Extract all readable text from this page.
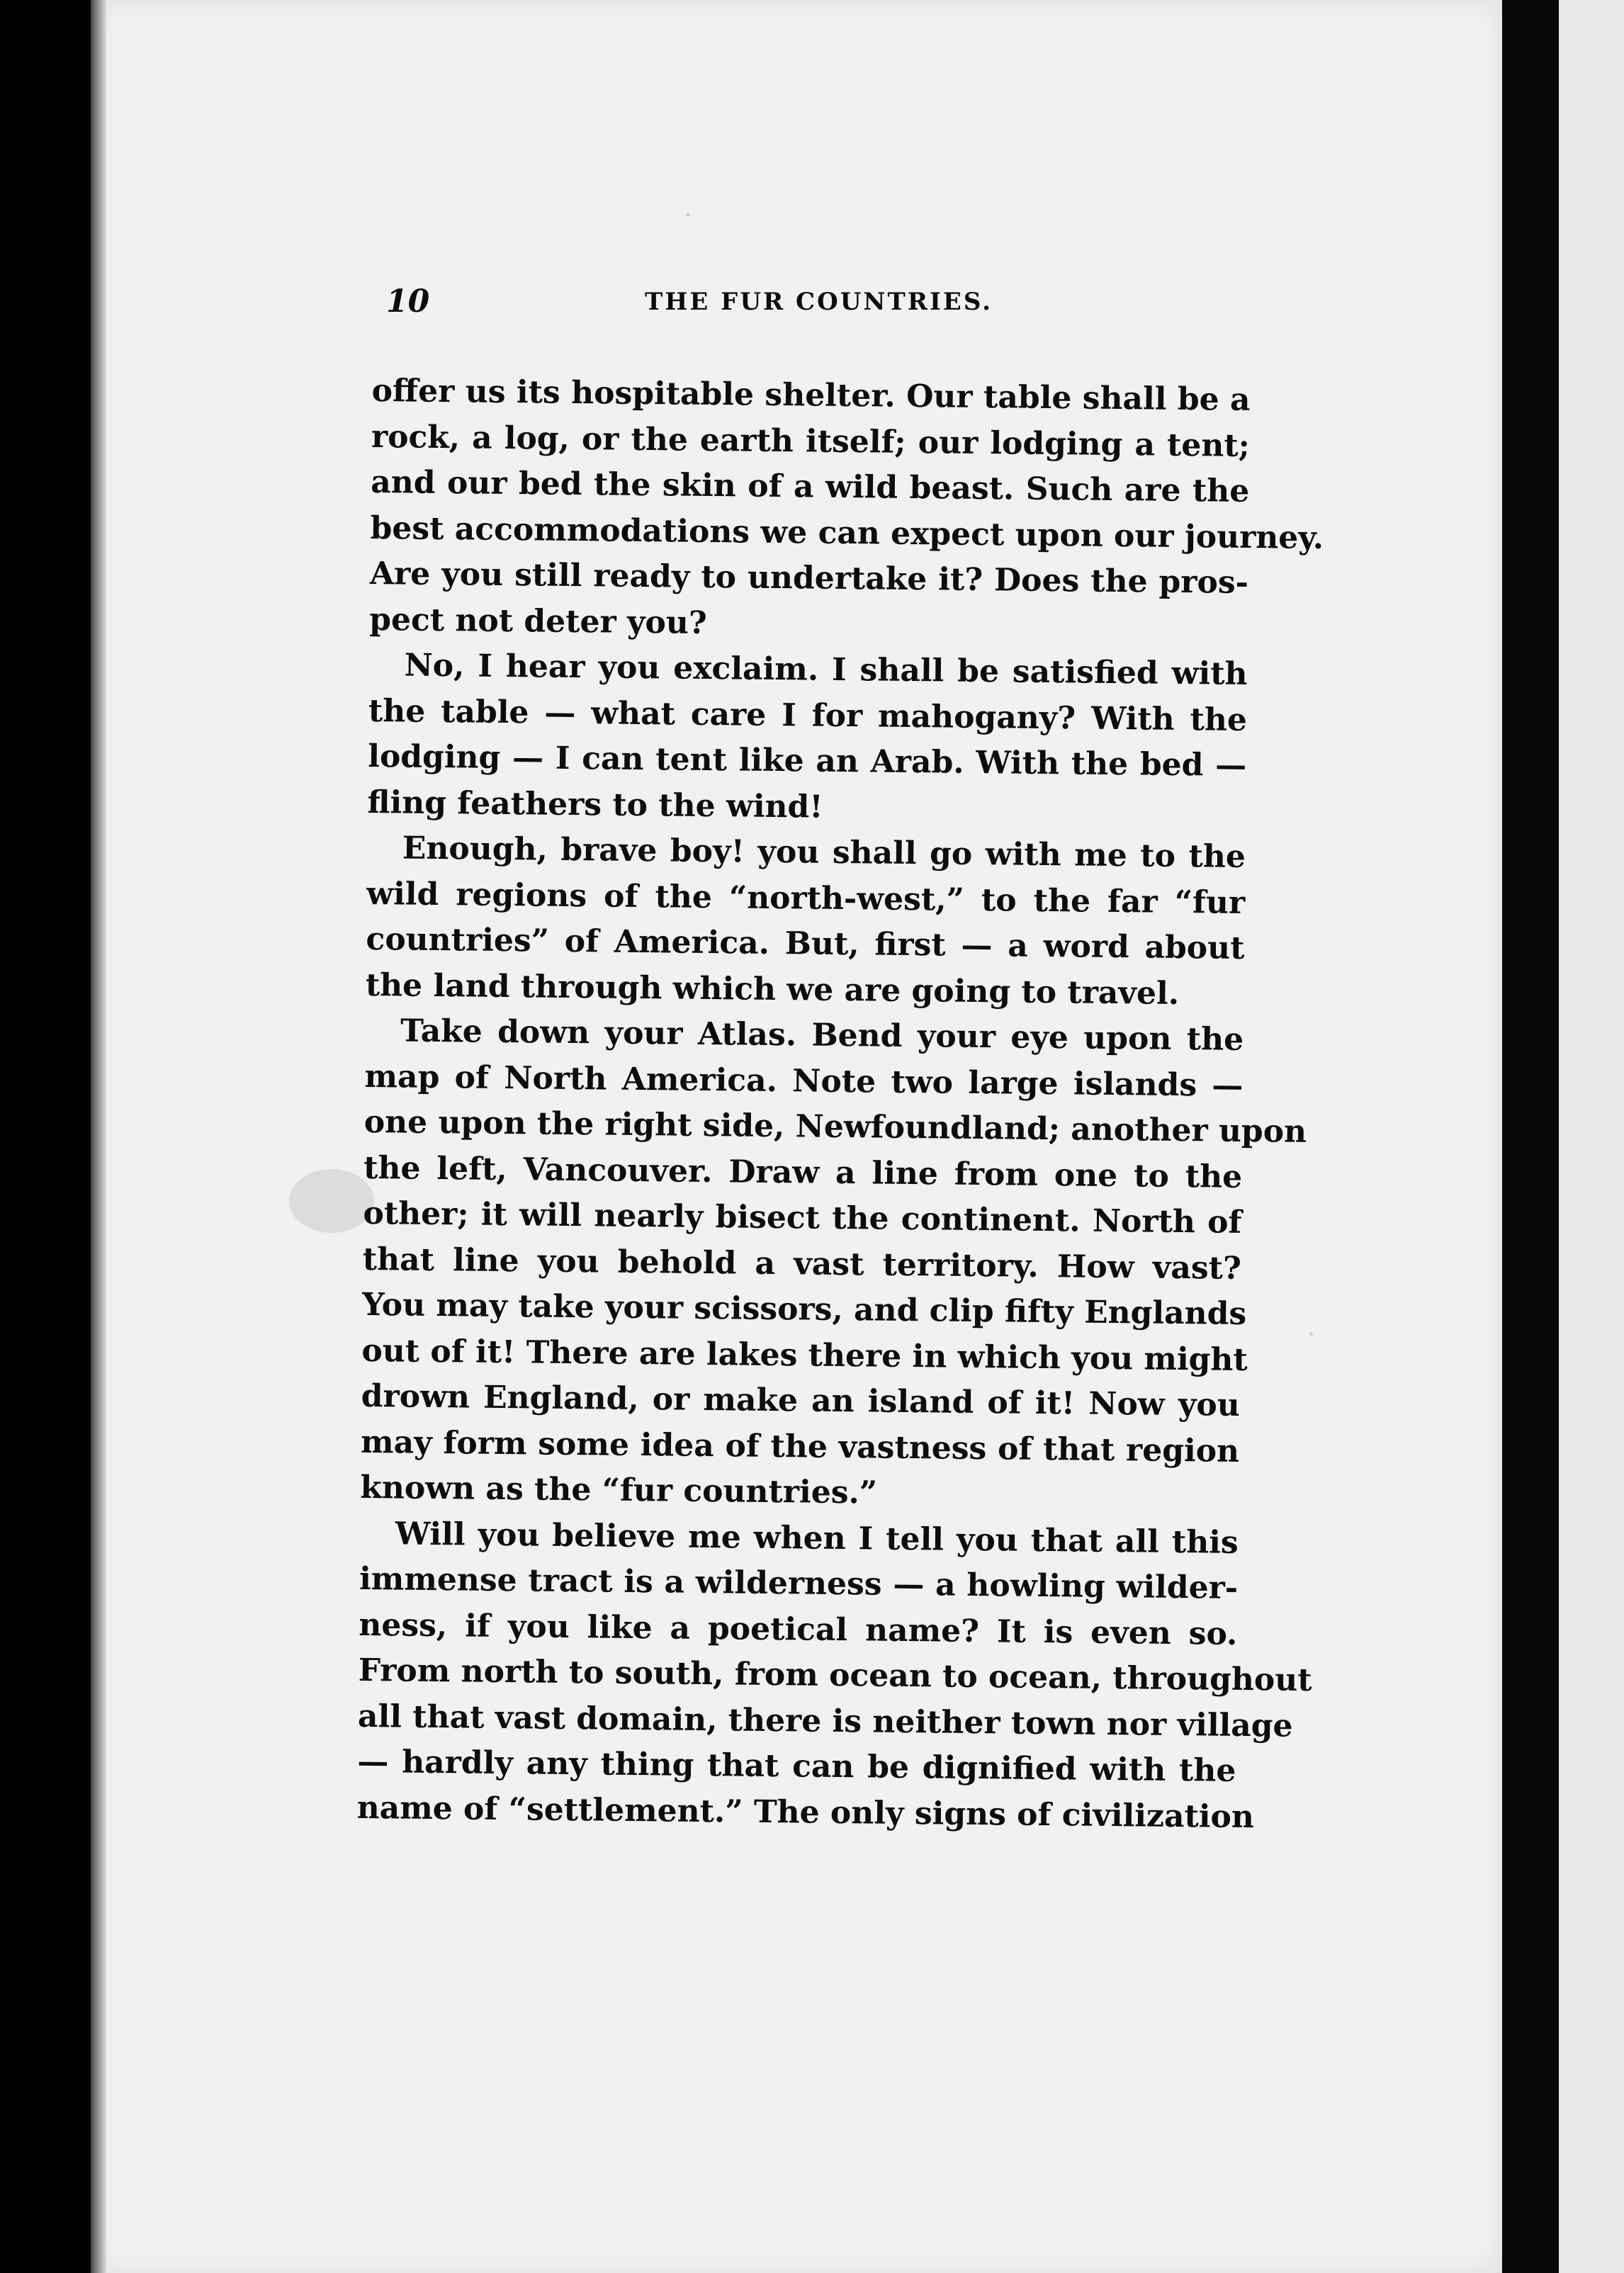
10	THE FUR COUNTRIES.
offer us its hospitable shelter. Our table shall be a
rock, a log, or the earth itself; our lodging a tent;
and our bed the skin of a wild beast. Such are the
best accommodations we can expect upon our journey.
Are you still ready to undertake it? Does the pros-
pect not deter you?
No, I hear you exclaim. I shall be satisfied with
the table — what care I for mahogany? With the
lodging — I can tent like an Arab. With the bed —
fling feathers to the wind!
Enough, brave boy! you shall go with me to the
wild regions of the “north-west,” to the far “fur
countries” of America. But, first — a word about
the land through which we are going to travel.
Take down your Atlas. Bend your eye upon the
map of North America. Note two large islands —
one upon the right side, Newfoundland; another upon
the left, Vancouver. Draw a line from one to the
other; it will nearly bisect the continent. North of
that line you behold a vast territory. How vast?
You may take your scissors, and clip fifty Englands
out of it! There are lakes there in which you might
drown England, or make an island of it! Now you
may form some idea of the vastness of that region
known as the “fur countries.”
Will you believe me when I tell you that all this
immense tract is a wilderness — a howling wilder-
ness, if you like a poetical name? It is even so.
From north to south, from ocean to ocean, throughout
all that vast domain, there is neither town nor village
— hardly any thing that can be dignified with the
name of “settlement.” The only signs of civilization
